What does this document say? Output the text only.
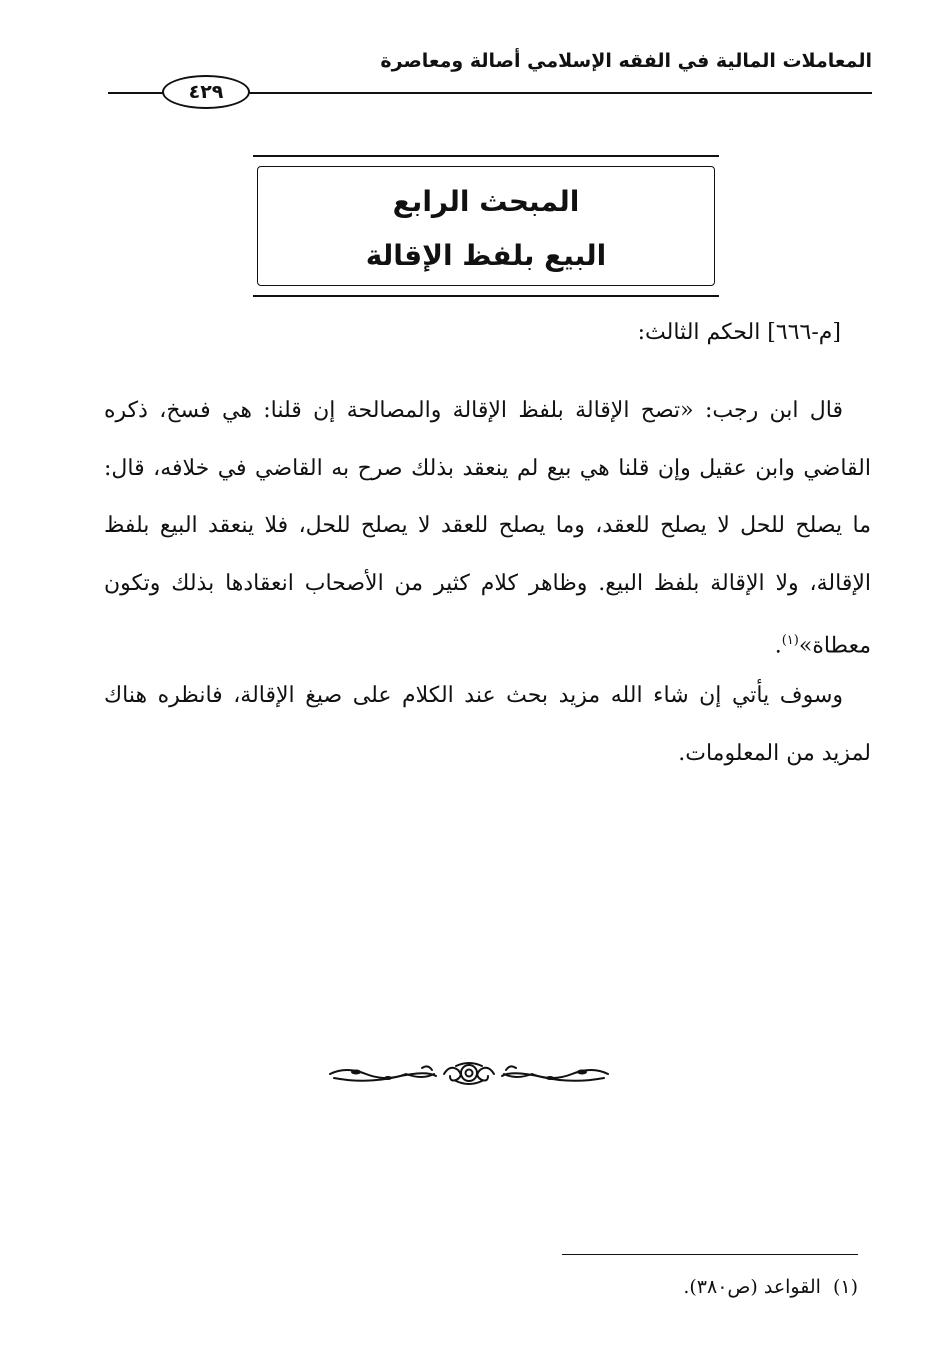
المعاملات المالية في الفقه الإسلامي أصالة ومعاصرة
٤٢٩
المبحث الرابع
البيع بلفظ الإقالة
[م-٦٦٦] الحكم الثالث:
قال ابن رجب: «تصح الإقالة بلفظ الإقالة والمصالحة إن قلنا: هي فسخ، ذكره القاضي وابن عقيل وإن قلنا هي بيع لم ينعقد بذلك صرح به القاضي في خلافه، قال: ما يصلح للحل لا يصلح للعقد، وما يصلح للعقد لا يصلح للحل، فلا ينعقد البيع بلفظ الإقالة، ولا الإقالة بلفظ البيع. وظاهر كلام كثير من الأصحاب انعقادها بذلك وتكون معطاة»$^{(١)}$.
وسوف يأتي إن شاء الله مزيد بحث عند الكلام على صيغ الإقالة، فانظره هناك لمزيد من المعلومات.
(١)القواعد (ص٣٨٠).
